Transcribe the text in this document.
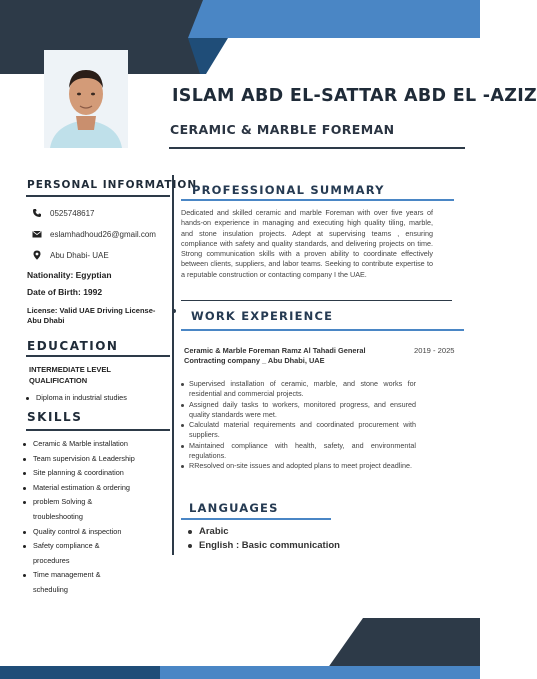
ISLAM ABD EL-SATTAR ABD EL -AZIZ
CERAMIC & MARBLE FOREMAN
PERSONAL INFORMATION
0525748617
eslamhadhoud26@gmail.com
Abu Dhabi- UAE
Nationality: Egyptian
Date of Birth: 1992
License: Valid UAE Driving License- Abu Dhabi
EDUCATION
INTERMEDIATE LEVEL QUALIFICATION
Diploma in industrial studies
SKILLS
Ceramic & Marble installation
Team supervision & Leadership
Site planning & coordination
Material estimation & ordering
problem Solving & troubleshooting
Quality control & inspection
Safety compliance & procedures
Time management & scheduling
PROFESSIONAL SUMMARY
Dedicated and skilled ceramic and marble Foreman with over five years of hands-on experience in managing and executing high quality tiling, marble, and stone insulation projects. Adept at supervising teams , ensuring compliance with safety and quality standards, and delivering projects on time. Strong communication skills with a proven ability to coordinate effectively between clients, suppliers, and labor teams. Seeking to contribute expertise to a reputable construction or contacting company I the UAE.
WORK EXPERIENCE
Ceramic & Marble Foreman Ramz Al Tahadi General Contracting company _ Abu Dhabi, UAE
2019 - 2025
Supervised installation of ceramic, marble, and stone works for residential and commercial projects.
Assigned daily tasks to workers, monitored progress, and ensured quality standards were met.
Calculatd material requirements and coordinated procurement with suppliers.
Maintained compliance with health, safety, and environmental regulations.
RResolved on-site issues and adopted plans to meet project deadline.
LANGUAGES
Arabic
English : Basic communication
